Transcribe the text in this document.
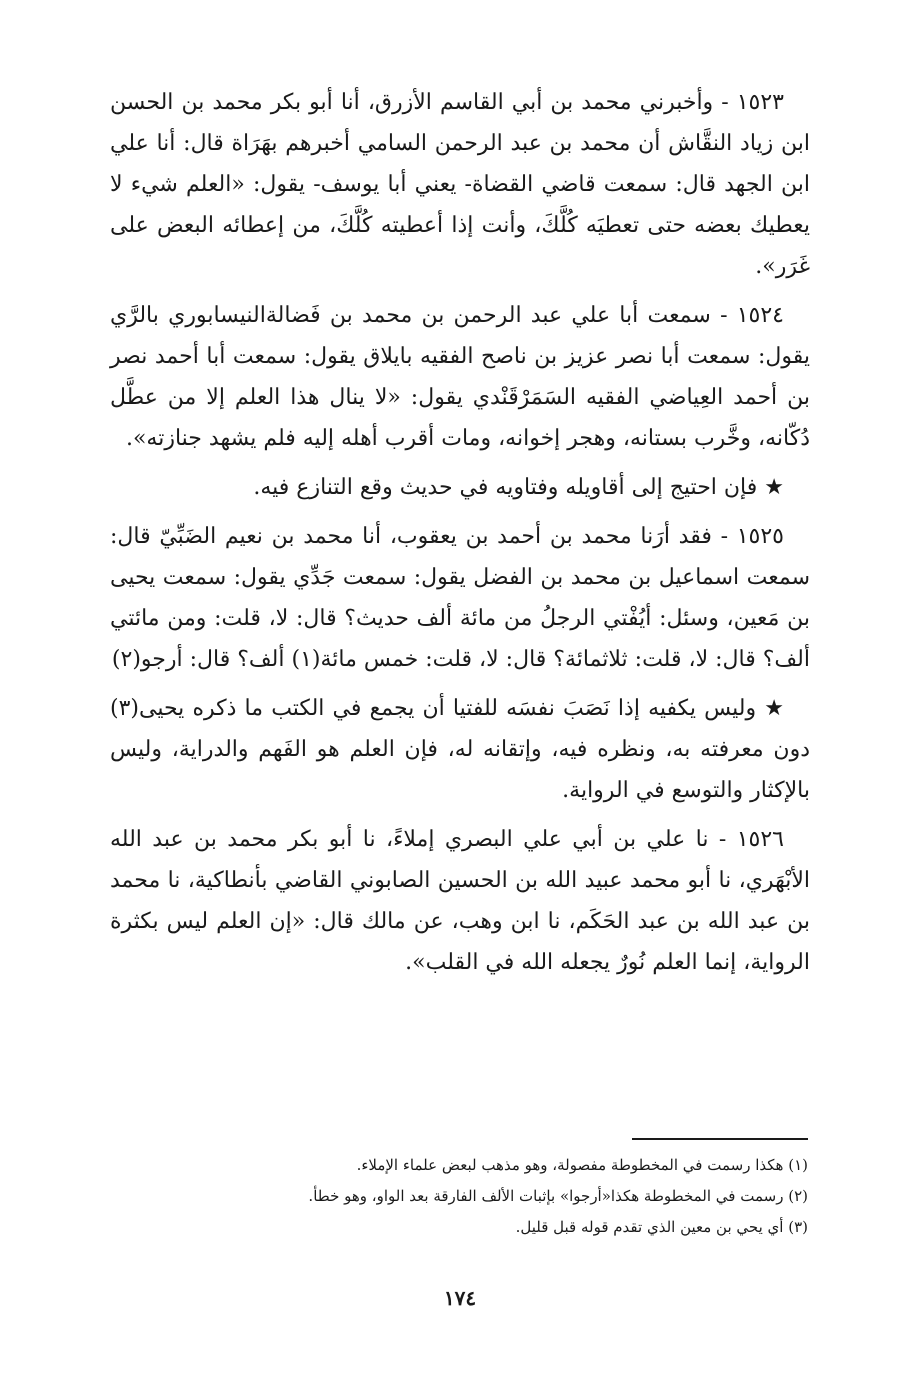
١٥٢٣ - وأخبرني محمد بن أبي القاسم الأزرق، أنا أبو بكر محمد بن الحسن ابن زياد النقَّاش أن محمد بن عبد الرحمن السامي أخبرهم بهَرَاة قال: أنا علي ابن الجهد قال: سمعت قاضي القضاة- يعني أبا يوسف- يقول: «العلم شيء لا يعطيك بعضه حتى تعطيَه كُلَّكَ، وأنت إذا أعطيته كُلَّكَ، من إعطائه البعض على غَرَر».

١٥٢٤ - سمعت أبا علي عبد الرحمن بن محمد بن فَضالةالنيسابوري بالرَّي يقول: سمعت أبا نصر عزيز بن ناصح الفقيه بايلاق يقول: سمعت أبا أحمد نصر بن أحمد العِياضي الفقيه السَمَرْقَنْدي يقول: «لا ينال هذا العلم إلا من عطَّل دُكّانه، وخَّرب بستانه، وهجر إخوانه، ومات أقرب أهله إليه فلم يشهد جنازته».

★ فإن احتيج إلى أقاويله وفتاويه في حديث وقع التنازع فيه.

١٥٢٥ - فقد أرَنا محمد بن أحمد بن يعقوب، أنا محمد بن نعيم الضَبِّيّ قال: سمعت اسماعيل بن محمد بن الفضل يقول: سمعت جَدِّي يقول: سمعت يحيى بن مَعين، وسئل: أيُفْتي الرجلُ من مائة ألف حديث؟ قال: لا، قلت: ومن مائتي ألف؟ قال: لا، قلت: ثلاثمائة؟ قال: لا، قلت: خمس مائة(١) ألف؟ قال: أرجو(٢)

★ وليس يكفيه إذا نَصَبَ نفسَه للفتيا أن يجمع في الكتب ما ذكره يحيى(٣) دون معرفته به، ونظره فيه، وإتقانه له، فإن العلم هو الفَهم والدراية، وليس بالإكثار والتوسع في الرواية.

١٥٢٦ - نا علي بن أبي علي البصري إملاءً، نا أبو بكر محمد بن عبد الله الأبْهَري، نا أبو محمد عبيد الله بن الحسين الصابوني القاضي بأنطاكية، نا محمد بن عبد الله بن عبد الحَكَم، نا ابن وهب، عن مالك قال: «إن العلم ليس بكثرة الرواية، إنما العلم نُورٌ يجعله الله في القلب».

(١) هكذا رسمت في المخطوطة مفصولة، وهو مذهب لبعض علماء الإملاء.

(٢) رسمت في المخطوطة هكذا«أرجوا» بإثبات الألف الفارقة بعد الواو، وهو خطأ.

(٣) أي يحي بن معين الذي تقدم قوله قبل قليل.

١٧٤
